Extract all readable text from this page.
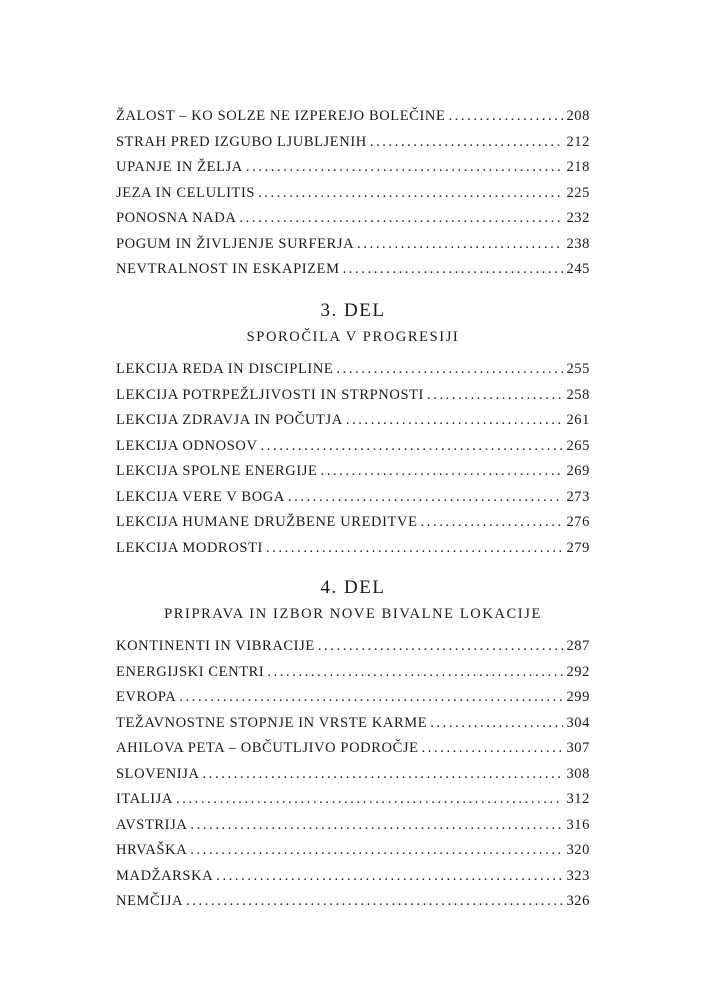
ŽALOST – KO SOLZE NE IZPEREJO BOLEČINE .....	208
STRAH PRED IZGUBO LJUBLJENIH .....	212
UPANJE IN ŽELJA .....	218
JEZA IN CELULITIS .....	225
PONOSNA NADA .....	232
POGUM IN ŽIVLJENJE SURFERJA .....	238
NEVTRALNOST IN ESKAPIZEM .....	245
3. DEL
SPOROČILA V PROGRESIJI
LEKCIJA REDA IN DISCIPLINE .....	255
LEKCIJA POTRPEŽLJIVOSTI IN STRPNOSTI .....	258
LEKCIJA ZDRAVJA IN POČUTJA .....	261
LEKCIJA ODNOSOV .....	265
LEKCIJA SPOLNE ENERGIJE .....	269
LEKCIJA VERE V BOGA .....	273
LEKCIJA HUMANE DRUŽBENE UREDITVE .....	276
LEKCIJA MODROSTI .....	279
4. DEL
PRIPRAVA IN IZBOR NOVE BIVALNE LOKACIJE
KONTINENTI IN VIBRACIJE .....	287
ENERGIJSKI CENTRI .....	292
EVROPA .....	299
TEŽAVNOSTNE STOPNJE IN VRSTE KARME .....	304
AHILOVA PETA – OBČUTLJIVO PODROČJE .....	307
SLOVENIJA .....	308
ITALIJA .....	312
AVSTRIJA .....	316
HRVAŠKA .....	320
MADŽARSKA .....	323
NEMČIJA .....	326
